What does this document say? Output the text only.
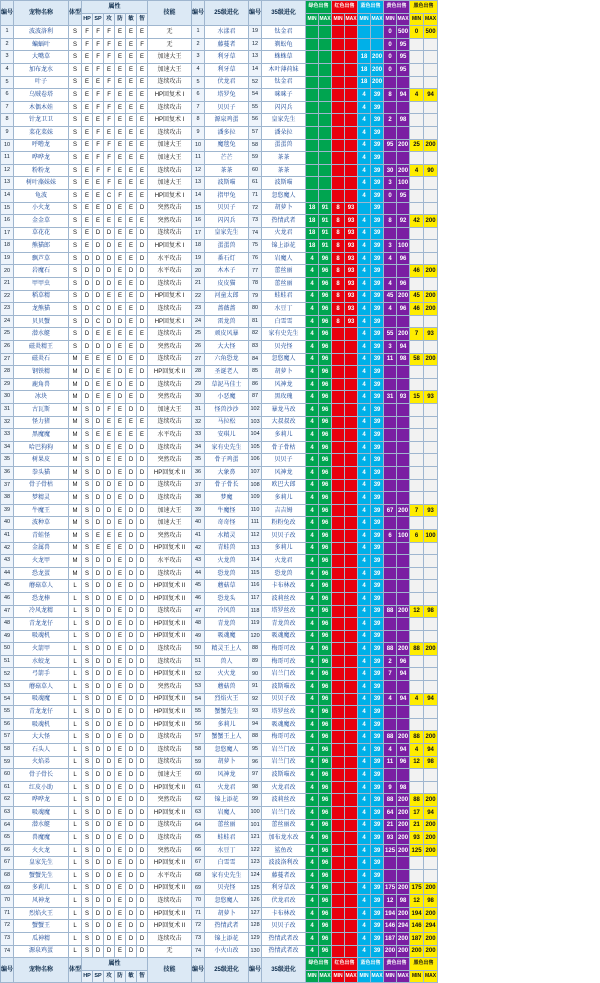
编号	宠物名称	体型	属性						技能	编号	25级进化	编号	35级进化	绿色出售		红色出售		蓝色出售		黄色出售		黑色出售	
			HP	SP	攻	防	敏	智						MIN	MAX	MIN	MAX	MIN	MAX	MIN	MAX	MIN	MAX
1	波波洛利	S	F	F	F	E	E	E	无	1	水漾君	19	钛金君							0	500	0	500
2	蝙蝠叶	S	F	F	F	E	E	F	无	2	藤蔓者	12	剃蚣龟							0	95		
3	大嘴草	S	E	F	F	E	E	E	加速大王	3	利牙草	13	蛛蛛草					18	200	0	95		
4	加布龙水	S	E	F	E	E	E	E	加速大王	4	利牙草	14	木叶薄荷妹					18	200	0	95		
5	叶子	S	E	E	F	E	E	E	连续攻击	5	伏龙君	52	钛金君					18	200				
6	乌贼卷塔	S	E	F	F	E	E	E	HP回复术 I	6	塔罗兔	54	咪咪子					4	39	8	94	4	94
7	木偶木娃	S	E	F	F	E	E	E	连续攻击	7	贝贝子	55	闪闪兵					4	39				
8	针龙卫卫	S	E	E	F	E	E	E	HP回复术 I	8	源泉鸡蛋	56	皇家先生					4	39	2	98		
9	菜花菜妹	S	E	F	E	E	E	E	连续攻击	9	潘多拉	57	潘朵拉					4	39				
10	呼噜龙	S	E	F	F	E	E	E	加速大王	10	魔毯兔	58	蛋蛋兽					4	39	95	200	25	200
11	哗哗龙	S	E	F	F	E	E	E	加速大王	11	芒芒	59	茶茶					4	39				
12	粉粉龙	S	E	F	F	E	E	E	连续攻击	12	茶茶	60	茶茶					4	39	30	200	4	90
13	树叶藻妹妹	S	E	E	F	E	E	E	加速大王	13	波斯喵	61	波斯喵					4	39	3	100		
14	龟波	S	E	E	C	F	E	E	HP回复术 I	14	指甲兔	71	忽悠魔人					4	39	0	95		
15	小火龙	S	E	E	D	E	E	D	突然攻击	15	贝贝子	72	胡萝卜	18	91	8	93		39				
16	金金草	S	E	E	E	E	E	E	突然攻击	16	闪闪兵	73	热情武者	18	91	8	93	4	39	8	92	42	200
17	草花花	S	E	D	D	E	E	D	连续攻击	17	皇家先生	74	火龙君	18	91	8	93	4	39				
18	熊猫郎	S	E	D	D	E	E	D	HP回复术 I	18	蛋蛋兽	75	锦上添花	18	91	8	93	4	39	3	100		
19	飘芦草	S	D	D	D	E	E	D	水平攻击	19	番石灯	76	岩魔人	4	96	8	93	4	39	4	96		
20	岩魔石	S	D	D	D	E	D	D	水平攻击	20	木木子	77	蕾丝丽	4	96	8	93	4	39			46	200
21	甲甲虫	S	D	D	D	E	E	D	连续攻击	21	皮皮猫	78	蕾丝丽	4	96	8	93	4	39	4	96		
22	稻草精	S	D	D	E	E	E	D	HP回复术 I	22	河童太郎	79	蛙蛙君	4	96	8	93	4	39	45	200	45	200
23	龙熊猫	S	D	C	D	E	E	D	连续攻击	23	蔷薇蔷	80	水豆丁	4	96	8	93	4	39	4	96	46	200
24	贝贝蟹	S	D	C	D	D	E	D	HP回复术 I	24	雷龙兽	81	白雪雪	4	96	8	93	4	39				
25	潜水艇	S	D	E	E	E	E	E	连续攻击	25	顽皮风暴	82	家有史先生	4	96			4	39	55	200	7	93
26	磁炎精王	S	D	D	D	E	E	D	突然攻击	26	大大怪	83	贝壳怪	4	96			4	39	3	94		
27	磁炎石	M	E	E	E	D	E	D	连续攻击	27	六角恐龙	84	忽悠魔人	4	96			4	39	11	98	58	200
28	钢铁精	M	D	E	E	D	E	D	HP回复术 II	28	圣诞老人	85	胡萝卜	4	96			4	39				
29	鹿角兽	M	D	E	E	D	E	D	连续攻击	29	草泥马佳士	86	风神龙	4	96			4	39				
30	冰块	M	D	E	E	D	E	D	突然攻击	30	小恶魔	87	黑玫瑰	4	96			4	39	31	93	15	93
31	古瓦斯	M	S	D	F	E	D	D	加速大王	31	怪兽沙沙	102	暴龙马改	4	96			4	39				
32	怪力猪	M	S	D	E	E	E	E	连续攻击	32	马拉松	103	大叔叔改	4	96			4	39				
33	黑魔魔	M	S	E	E	E	E	E	水平攻击	33	安琪儿	104	多莉儿	4	96			4	39				
34	哈巴狗狗	M	S	D	E	E	D	D	连续攻击	34	家有史先生	105	骨子骨枯	4	96			4	39				
35	树果皮	M	S	D	E	E	D	D	突然攻击	35	骨子鸡蛋	106	贝贝子	4	96			4	39				
36	拳头猫	M	S	D	D	E	D	D	HP回复术 II	36	大象鼻	107	风神龙	4	96			4	39				
37	骨子骨枯	M	S	D	D	E	D	D	连续攻击	37	骨子骨长	108	欧巴大郎	4	96			4	39				
38	梦精灵	M	S	D	D	E	D	D	连续攻击	38	梦魔	109	多莉儿	4	96			4	39				
39	牛魔王	M	S	D	D	E	D	D	加速大王	39	牛魔怪	110	吉吉姆	4	96			4	39	67	200	7	93
40	波种草	M	S	D	D	E	D	D	加速大王	40	奇奇怪	111	粉粉兔改	4	96			4	39				
41	青蛙怪	M	S	E	E	E	D	D	突然攻击	41	水精灵	112	贝贝子改	4	96			4	39	6	100	6	100
42	金属兽	M	S	E	E	E	D	D	HP回复术 II	42	青蛙兽	113	多莉儿	4	96			4	39				
43	火龙甲	M	S	D	D	E	D	D	水平攻击	43	火龙兽	114	火龙君	4	96			4	39				
44	恐龙蛋	M	S	D	D	E	D	D	连续攻击	44	恐龙兽	115	恐龙兽	4	96			4	39				
45	蘑菇草人	L	S	D	D	E	D	D	HP回复术 II	45	蘑菇草	116	卡布林改	4	96			4	39				
46	恐龙棒	L	S	D	D	E	D	D	HP回复术 II	46	恐龙头	117	波莉丝改	4	96			4	39				
47	冷风龙精	L	S	D	D	E	D	D	连续攻击	47	冷风兽	118	塔罗丝改	4	96			4	39	88	200	12	98
48	青龙龙仔	L	S	D	D	E	D	D	HP回复术 II	48	青龙兽	119	青龙兽改	4	96			4	39				
49	吸魂机	L	S	D	D	E	D	D	HP回复术 II	49	吸魂魔	120	吸魂魔改	4	96			4	39				
50	火箭甲	L	S	D	D	E	D	D	连续攻击	50	精灵王上人	88	梅哥可改	4	96			4	39	88	200	88	200
51	水蛟龙	L	S	D	D	E	D	D	连续攻击	51	兽人	89	梅哥可改	4	96			4	39	2	96		
52	弓箭手	L	S	D	D	E	D	D	HP回复术 II	52	火火龙	90	岩兰门改	4	96			4	39	7	94		
53	蘑菇草人	L	S	D	D	E	D	D	突然攻击	53	蘑菇兽	91	波斯喵改	4	96			4	39				
54	吸魂魔	L	S	D	D	E	D	D	HP回复术 II	54	烈焰火王	92	贝贝子改	4	96			4	39	4	94	4	94
55	青龙龙仔	L	S	D	D	E	D	D	HP回复术 II	55	蟹蟹先生	93	塔罗丝改	4	96			4	39				
56	吸魂机	L	S	D	D	E	D	D	HP回复术 II	56	多莉儿	94	吸魂魔改	4	96			4	39				
57	大大怪	L	S	D	D	E	D	D	连续攻击	57	蟹蟹王上人	88	梅哥可改	4	96			4	39	88	200	88	200
58	石头人	L	S	D	D	E	D	D	连续攻击	58	忽悠魔人	95	岩兰门改	4	96			4	39	4	94	4	94
59	火焰弟	L	S	D	D	E	D	D	连续攻击	59	胡萝卜	96	岩兰门改	4	96			4	39	11	96	12	98
60	骨子骨长	L	S	D	D	E	D	D	加速大王	60	风神龙	97	波斯喵改	4	96			4	39				
61	红皮小助	L	S	D	D	E	D	D	HP回复术 II	61	火龙君	98	火龙君改	4	96			4	39	9	98		
62	哗哗龙	L	S	D	D	E	D	D	突然攻击	62	锦上添花	99	波莉丝改	4	96			4	39	88	200	88	200
63	吸魂魔	L	S	D	D	E	D	D	HP回复术 II	63	岩魔人	100	岩兰门改	4	96			4	39	64	200	17	94
64	潜水艇	L	S	D	D	E	D	D	连续攻击	64	蕾丝丽	101	蕾丝丽改	4	96			4	39	21	200	21	200
65	兽魔魔	L	S	D	D	E	D	D	连续攻击	65	蛙蛙君	121	加布龙水改	4	96			4	39	93	200	93	200
66	火火龙	L	S	D	D	E	D	D	突然攻击	66	水豆丁	122	鲨鱼改	4	96			4	39	125	200	125	200
67	皇家先生	L	S	D	D	E	D	D	HP回复术 II	67	白雪雪	123	波波洛利改	4	96			4	39				
68	蟹蟹先生	L	S	D	D	E	D	D	水平攻击	68	家有史先生	124	藤蔓者改	4	96			4	39				
69	多莉儿	L	S	D	D	E	D	D	HP回复术 II	69	贝壳怪	125	利牙草改	4	96			4	39	175	200	175	200
70	风神龙	L	S	D	D	E	D	D	连续攻击	70	忽悠魔人	126	伏龙君改	4	96			4	39	12	98	12	98
71	烈焰火王	L	S	D	D	E	D	D	HP回复术 II	71	胡萝卜	127	卡布林改	4	96			4	39	194	200	194	200
72	蟹蟹王	L	S	D	D	E	D	D	HP回复术 II	72	热情武者	128	贝贝子改	4	96			4	39	146	294	146	294
73	瓜神精	L	S	D	D	E	D	D	连续攻击	73	锦上添花	129	热情武者改	4	96			4	39	187	200	187	200
74	源泉鸡蛋	L	S	D	D	E	D	D	无	74	小火山改	130	热情武者改	4	96			4	39	200	200	200	200
编号	宠物名称	体型	属性						技能	编号	25级进化	编号	35级进化	绿色出售		红色出售		蓝色出售		黄色出售		黑色出售	
			HP	SP	攻	防	敏	智						MIN	MAX	MIN	MAX	MIN	MAX	MIN	MAX	MIN	MAX
